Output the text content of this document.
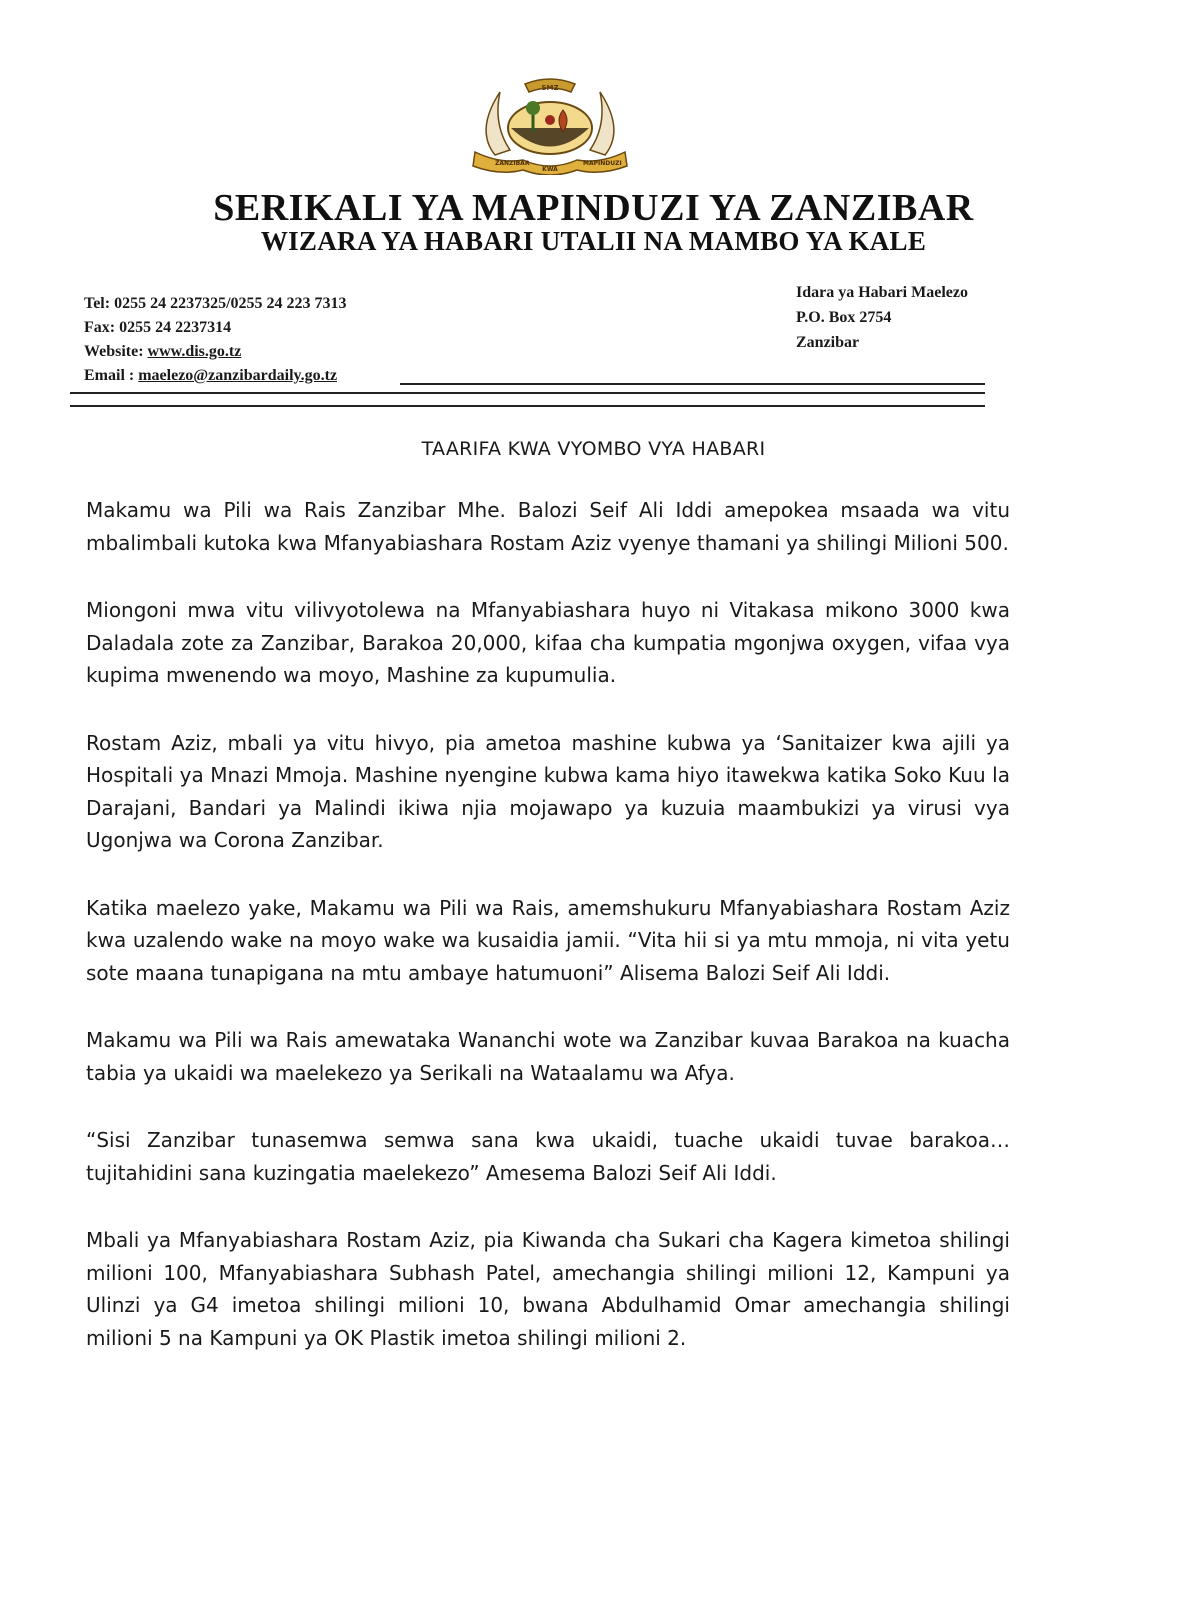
SMZ
ZANZIBAR
KWA
MAPINDUZI
SERIKALI YA MAPINDUZI YA ZANZIBAR
WIZARA YA HABARI UTALII NA MAMBO YA KALE
Tel: 0255 24 2237325/0255 24 223 7313
Fax: 0255 24 2237314
Website: www.dis.go.tz
Email : maelezo@zanzibardaily.go.tz
Idara ya Habari Maelezo
P.O. Box 2754
Zanzibar
TAARIFA KWA VYOMBO VYA HABARI

Makamu wa Pili wa Rais Zanzibar Mhe. Balozi Seif Ali Iddi amepokea msaada wa vitu mbalimbali kutoka kwa Mfanyabiashara Rostam Aziz vyenye thamani ya shilingi Milioni 500.

Miongoni mwa vitu vilivyotolewa na Mfanyabiashara huyo ni Vitakasa mikono 3000 kwa Daladala zote za Zanzibar, Barakoa 20,000, kifaa cha kumpatia mgonjwa oxygen, vifaa vya kupima mwenendo wa moyo, Mashine za kupumulia.

Rostam Aziz, mbali ya vitu hivyo, pia ametoa mashine kubwa ya ‘Sanitaizer kwa ajili ya Hospitali ya Mnazi Mmoja. Mashine nyengine kubwa kama hiyo itawekwa katika Soko Kuu la Darajani, Bandari ya Malindi ikiwa njia mojawapo ya kuzuia maambukizi ya virusi vya Ugonjwa wa Corona Zanzibar.

Katika maelezo yake, Makamu wa Pili wa Rais, amemshukuru Mfanyabiashara Rostam Aziz kwa uzalendo wake na moyo wake wa kusaidia jamii. “Vita hii si ya mtu mmoja, ni vita yetu sote maana tunapigana na mtu ambaye hatumuoni” Alisema Balozi Seif Ali Iddi.

Makamu wa Pili wa Rais amewataka Wananchi wote wa Zanzibar kuvaa Barakoa na kuacha tabia ya ukaidi wa maelekezo ya Serikali na Wataalamu wa Afya.

“Sisi Zanzibar tunasemwa semwa sana kwa ukaidi, tuache ukaidi tuvae barakoa… tujitahidini sana kuzingatia maelekezo” Amesema Balozi Seif Ali Iddi.

Mbali ya Mfanyabiashara Rostam Aziz, pia Kiwanda cha Sukari cha Kagera kimetoa shilingi milioni 100, Mfanyabiashara Subhash Patel, amechangia shilingi milioni 12, Kampuni ya Ulinzi ya G4 imetoa shilingi milioni 10, bwana Abdulhamid Omar amechangia shilingi milioni 5 na Kampuni ya OK Plastik imetoa shilingi milioni 2.
